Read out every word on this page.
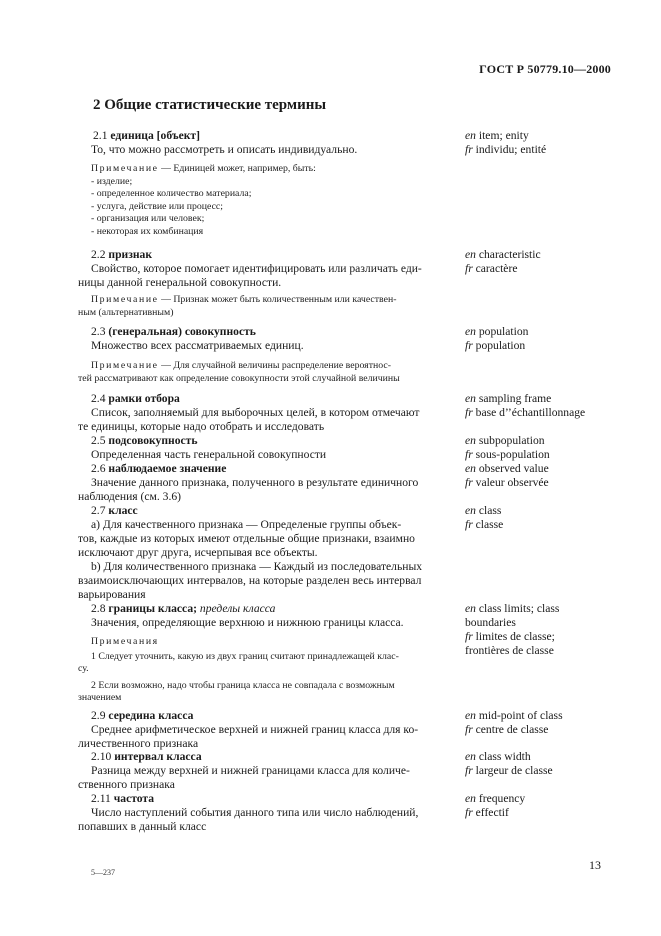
ГОСТ Р 50779.10—2000
2 Общие статистические термины
2.1 единица [объект]
То, что можно рассмотреть и описать индивидуально.
Примечание — Единицей может, например, быть:
- изделие;
- определенное количество материала;
- услуга, действие или процесс;
- организация или человек;
- некоторая их комбинация
en item; enity
fr individu; entité
2.2 признак
Свойство, которое помогает идентифицировать или различать еди-
ницы данной генеральной совокупности.
Примечание — Признак может быть количественным или качествен-
ным (альтернативным)
en characteristic
fr caractère
2.3 (генеральная) совокупность
Множество всех рассматриваемых единиц.
Примечание — Для случайной величины распределение вероятнос-
тей рассматривают как определение совокупности этой случайной величины
en population
fr population
2.4 рамки отбора
Список, заполняемый для выборочных целей, в котором отмечают
те единицы, которые надо отобрать и исследовать
en sampling frame
fr base d’’échantillonnage
2.5 подсовокупность
Определенная часть генеральной совокупности
en subpopulation
fr sous-population
2.6 наблюдаемое значение
Значение данного признака, полученного в результате единичного
наблюдения (см. 3.6)
en observed value
fr valeur observée
2.7 класс
а) Для качественного признака — Определеные группы объек-
тов, каждые из которых имеют отдельные общие признаки, взаимно
исключают друг друга, исчерпывая все объекты.
b) Для количественного признака — Каждый из последовательных
взаимоисключающих интервалов, на которые разделен весь интервал
варьирования
en class
fr classe
2.8 границы класса; пределы класса
Значения, определяющие верхнюю и нижнюю границы класса.
Примечания
1 Следует уточнить, какую из двух границ считают принадлежащей клас-
су.
2 Если возможно, надо чтобы граница класса не совпадала с возможным
значением
en class limits; class
boundaries
fr limites de classe;
frontières de classe
2.9 середина класса
Среднее арифметическое верхней и нижней границ класса для ко-
личественного признака
en mid-point of class
fr centre de classe
2.10 интервал класса
Разница между верхней и нижней границами класса для количе-
ственного признака
en class width
fr largeur de classe
2.11 частота
Число наступлений события данного типа или число наблюдений,
попавших в данный класс
en frequency
fr effectif
5—237
13
